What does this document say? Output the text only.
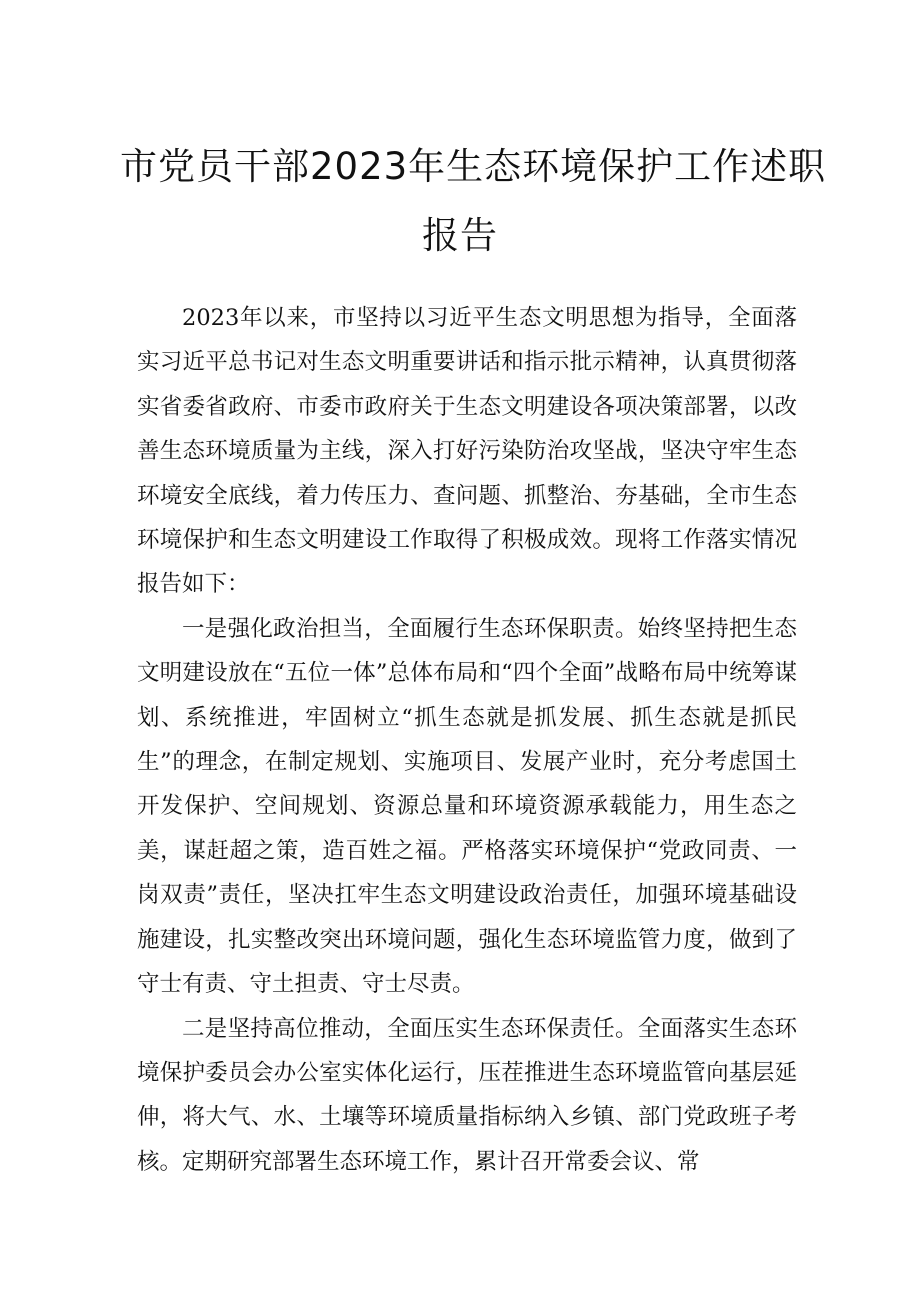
市党员干部2023年生态环境保护工作述职
报告

2023年以来，市坚持以习近平生态文明思想为指导，全面落实习近平总书记对生态文明重要讲话和指示批示精神，认真贯彻落实省委省政府、市委市政府关于生态文明建设各项决策部署，以改善生态环境质量为主线，深入打好污染防治攻坚战，坚决守牢生态环境安全底线，着力传压力、查问题、抓整治、夯基础，全市生态环境保护和生态文明建设工作取得了积极成效。现将工作落实情况报告如下：

一是强化政治担当，全面履行生态环保职责。始终坚持把生态文明建设放在“五位一体”总体布局和“四个全面”战略布局中统筹谋划、系统推进，牢固树立“抓生态就是抓发展、抓生态就是抓民生”的理念，在制定规划、实施项目、发展产业时，充分考虑国土开发保护、空间规划、资源总量和环境资源承载能力，用生态之美，谋赶超之策，造百姓之福。严格落实环境保护“党政同责、一岗双责”责任，坚决扛牢生态文明建设政治责任，加强环境基础设施建设，扎实整改突出环境问题，强化生态环境监管力度，做到了守士有责、守土担责、守士尽责。

二是坚持高位推动，全面压实生态环保责任。全面落实生态环境保护委员会办公室实体化运行，压茬推进生态环境监管向基层延伸，将大气、水、土壤等环境质量指标纳入乡镇、部门党政班子考核。定期研究部署生态环境工作，累计召开常委会议、常
